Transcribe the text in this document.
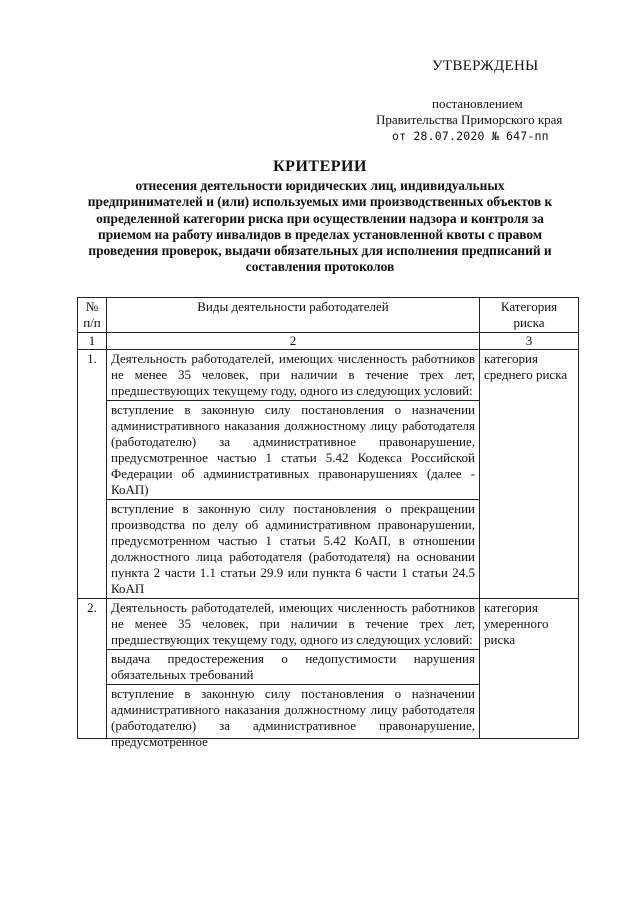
УТВЕРЖДЕНЫ
постановлением
Правительства Приморского края
от 28.07.2020 № 647-пп
КРИТЕРИИ
отнесения деятельности юридических лиц, индивидуальных предпринимателей и (или) используемых ими производственных объектов к определенной категории риска при осуществлении надзора и контроля за приемом на работу инвалидов в пределах установленной квоты с правом проведения проверок, выдачи обязательных для исполнения предписаний и составления протоколов
№ п/п	Виды деятельности работодателей	Категория риска
1	2	3
1.	Деятельность работодателей, имеющих численность работников не менее 35 человек, при наличии в течение трех лет, предшествующих текущему году, одного из следующих условий:	категория среднего риска
	вступление в законную силу постановления о назначении административного наказания должностному лицу работодателя (работодателю) за административное правонарушение, предусмотренное частью 1 статьи 5.42 Кодекса Российской Федерации об административных правонарушениях (далее - КоАП)	
	вступление в законную силу постановления о прекращении производства по делу об административном правонарушении, предусмотренном частью 1 статьи 5.42 КоАП, в отношении должностного лица работодателя (работодателя) на основании пункта 2 части 1.1 статьи 29.9 или пункта 6 части 1 статьи 24.5 КоАП	
2.	Деятельность работодателей, имеющих численность работников не менее 35 человек, при наличии в течение трех лет, предшествующих текущему году, одного из следующих условий:	категория умеренного риска
	выдача предостережения о недопустимости нарушения обязательных требований	

	вступление в законную силу постановления о назначении административного наказания должностному лицу работодателя (работодателю) за административное правонарушение, предусмотренное	
